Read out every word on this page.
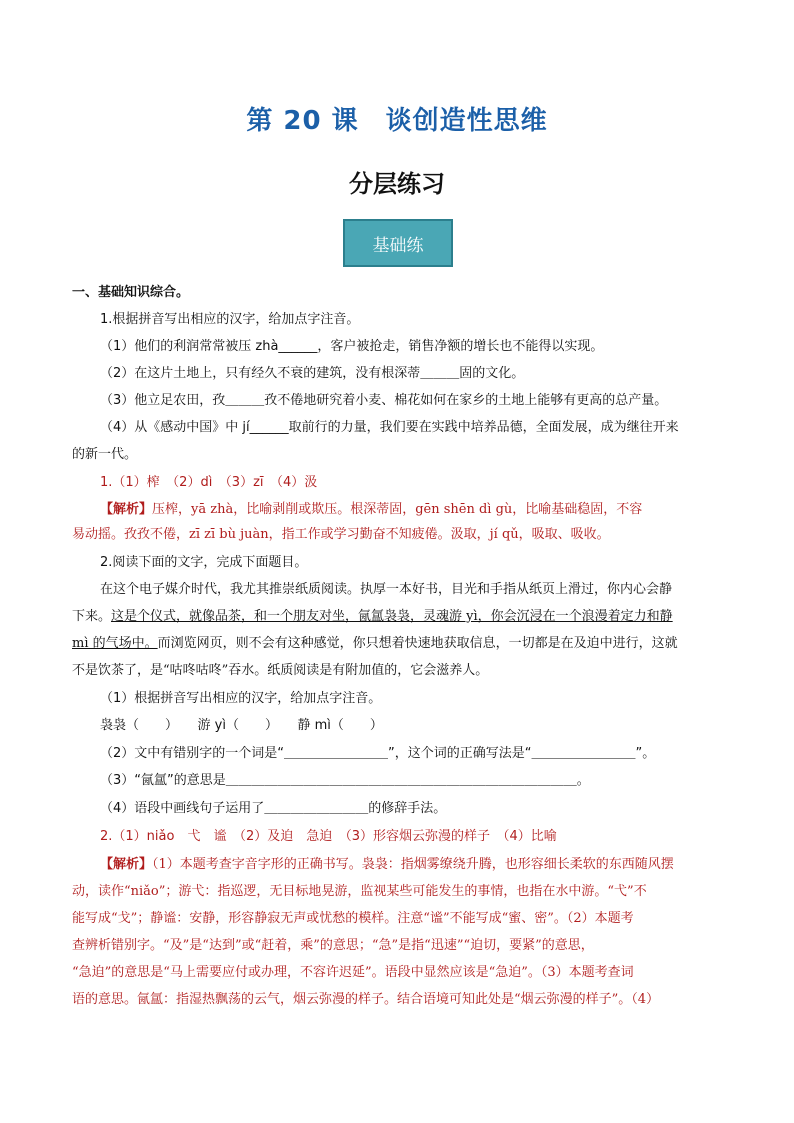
第 20 课　谈创造性思维
分层练习
基础练
一、基础知识综合。
1.根据拼音写出相应的汉字，给加点字注音。
（1）他们的利润常常被压 zhà______，客户被抢走，销售净额的增长也不能得以实现。
（2）在这片土地上，只有经久不衰的建筑，没有根深蒂＿＿＿固的文化。
（3）他立足农田，孜＿＿＿孜不倦地研究着小麦、棉花如何在家乡的土地上能够有更高的总产量。
（4）从《感动中国》中 jí______取前行的力量，我们要在实践中培养品德，全面发展，成为继往开来
的新一代。
1.（1）榨　（2）dì　（3）zī　（4）汲
【解析】压榨，yā zhà，比喻剥削或欺压。根深蒂固，gēn shēn dì gù，比喻基础稳固，不容
易动摇。孜孜不倦，zī zī bù juàn，指工作或学习勤奋不知疲倦。汲取，jí qǔ，吸取、吸收。
2.阅读下面的文字，完成下面题目。
在这个电子媒介时代，我尤其推崇纸质阅读。执厚一本好书，目光和手指从纸页上滑过，你内心会静
下来。这是个仪式，就像品茶，和一个朋友对坐，氤氲袅袅，灵魂游 yì，你会沉浸在一个浪漫着定力和静
mì 的气场中。而浏览网页，则不会有这种感觉，你只想着快速地获取信息，一切都是在及迫中进行，这就
不是饮茶了，是“咕咚咕咚”吞水。纸质阅读是有附加值的，它会滋养人。
（1）根据拼音写出相应的汉字，给加点字注音。
袅袅（　　）　　游 yì（　　）　　静 mì（　　）
（2）文中有错别字的一个词是“＿＿＿＿＿＿＿＿”，这个词的正确写法是“＿＿＿＿＿＿＿＿”。
（3）“氤氲”的意思是＿＿＿＿＿＿＿＿＿＿＿＿＿＿＿＿＿＿＿＿＿＿＿＿＿＿＿。
（4）语段中画线句子运用了＿＿＿＿＿＿＿＿的修辞手法。
2.（1）niǎo　弋　谧　（2）及迫　急迫　（3）形容烟云弥漫的样子　（4）比喻
【解析】（1）本题考查字音字形的正确书写。袅袅：指烟雾缭绕升腾，也形容细长柔软的东西随风摆
动，读作“niǎo”；游弋：指巡逻，无目标地晃游，监视某些可能发生的事情，也指在水中游。“弋”不
能写成“戈”；静谧：安静，形容静寂无声或忧愁的模样。注意“谧”不能写成“蜜、密”。（2）本题考
查辨析错别字。“及”是“达到”或“赶着，乘”的意思；“急”是指“迅速”“迫切，要紧”的意思，
“急迫”的意思是“马上需要应付或办理，不容许迟延”。语段中显然应该是“急迫”。（3）本题考查词
语的意思。氤氲：指湿热飘荡的云气，烟云弥漫的样子。结合语境可知此处是“烟云弥漫的样子”。（4）
